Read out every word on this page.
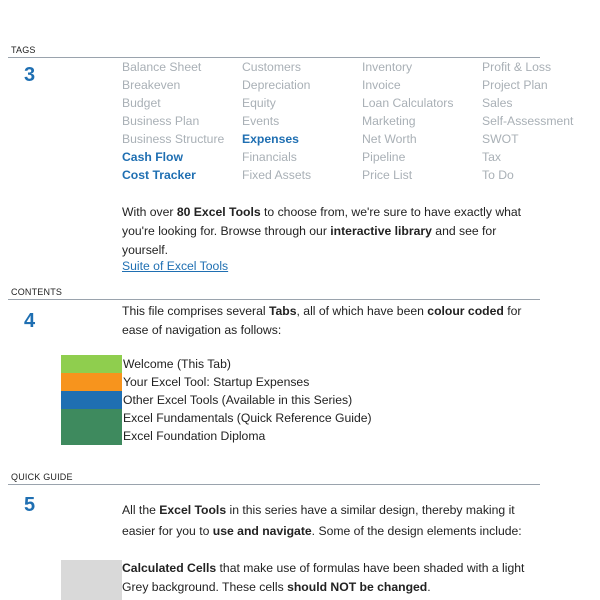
TAGS
3	Balance Sheet	Customers	Inventory	Profit & Loss
Breakeven	Depreciation	Invoice	Project Plan
Budget	Equity	Loan Calculators	Sales
Business Plan	Events	Marketing	Self-Assessment
Business Structure	Expenses	Net Worth	SWOT
Cash Flow	Financials	Pipeline	Tax
Cost Tracker	Fixed Assets	Price List	To Do
With over 80 Excel Tools to choose from, we're sure to have exactly what you're looking for. Browse through our interactive library and see for yourself.
Suite of Excel Tools
CONTENTS
4	This file comprises several Tabs, all of which have been colour coded for ease of navigation as follows:
Welcome (This Tab)
Your Excel Tool: Startup Expenses
Other Excel Tools (Available in this Series)
Excel Fundamentals (Quick Reference Guide)
Excel Foundation Diploma
QUICK GUIDE
5	All the Excel Tools in this series have a similar design, thereby making it easier for you to use and navigate. Some of the design elements include:
Calculated Cells that make use of formulas have been shaded with a light Grey background. These cells should NOT be changed.
